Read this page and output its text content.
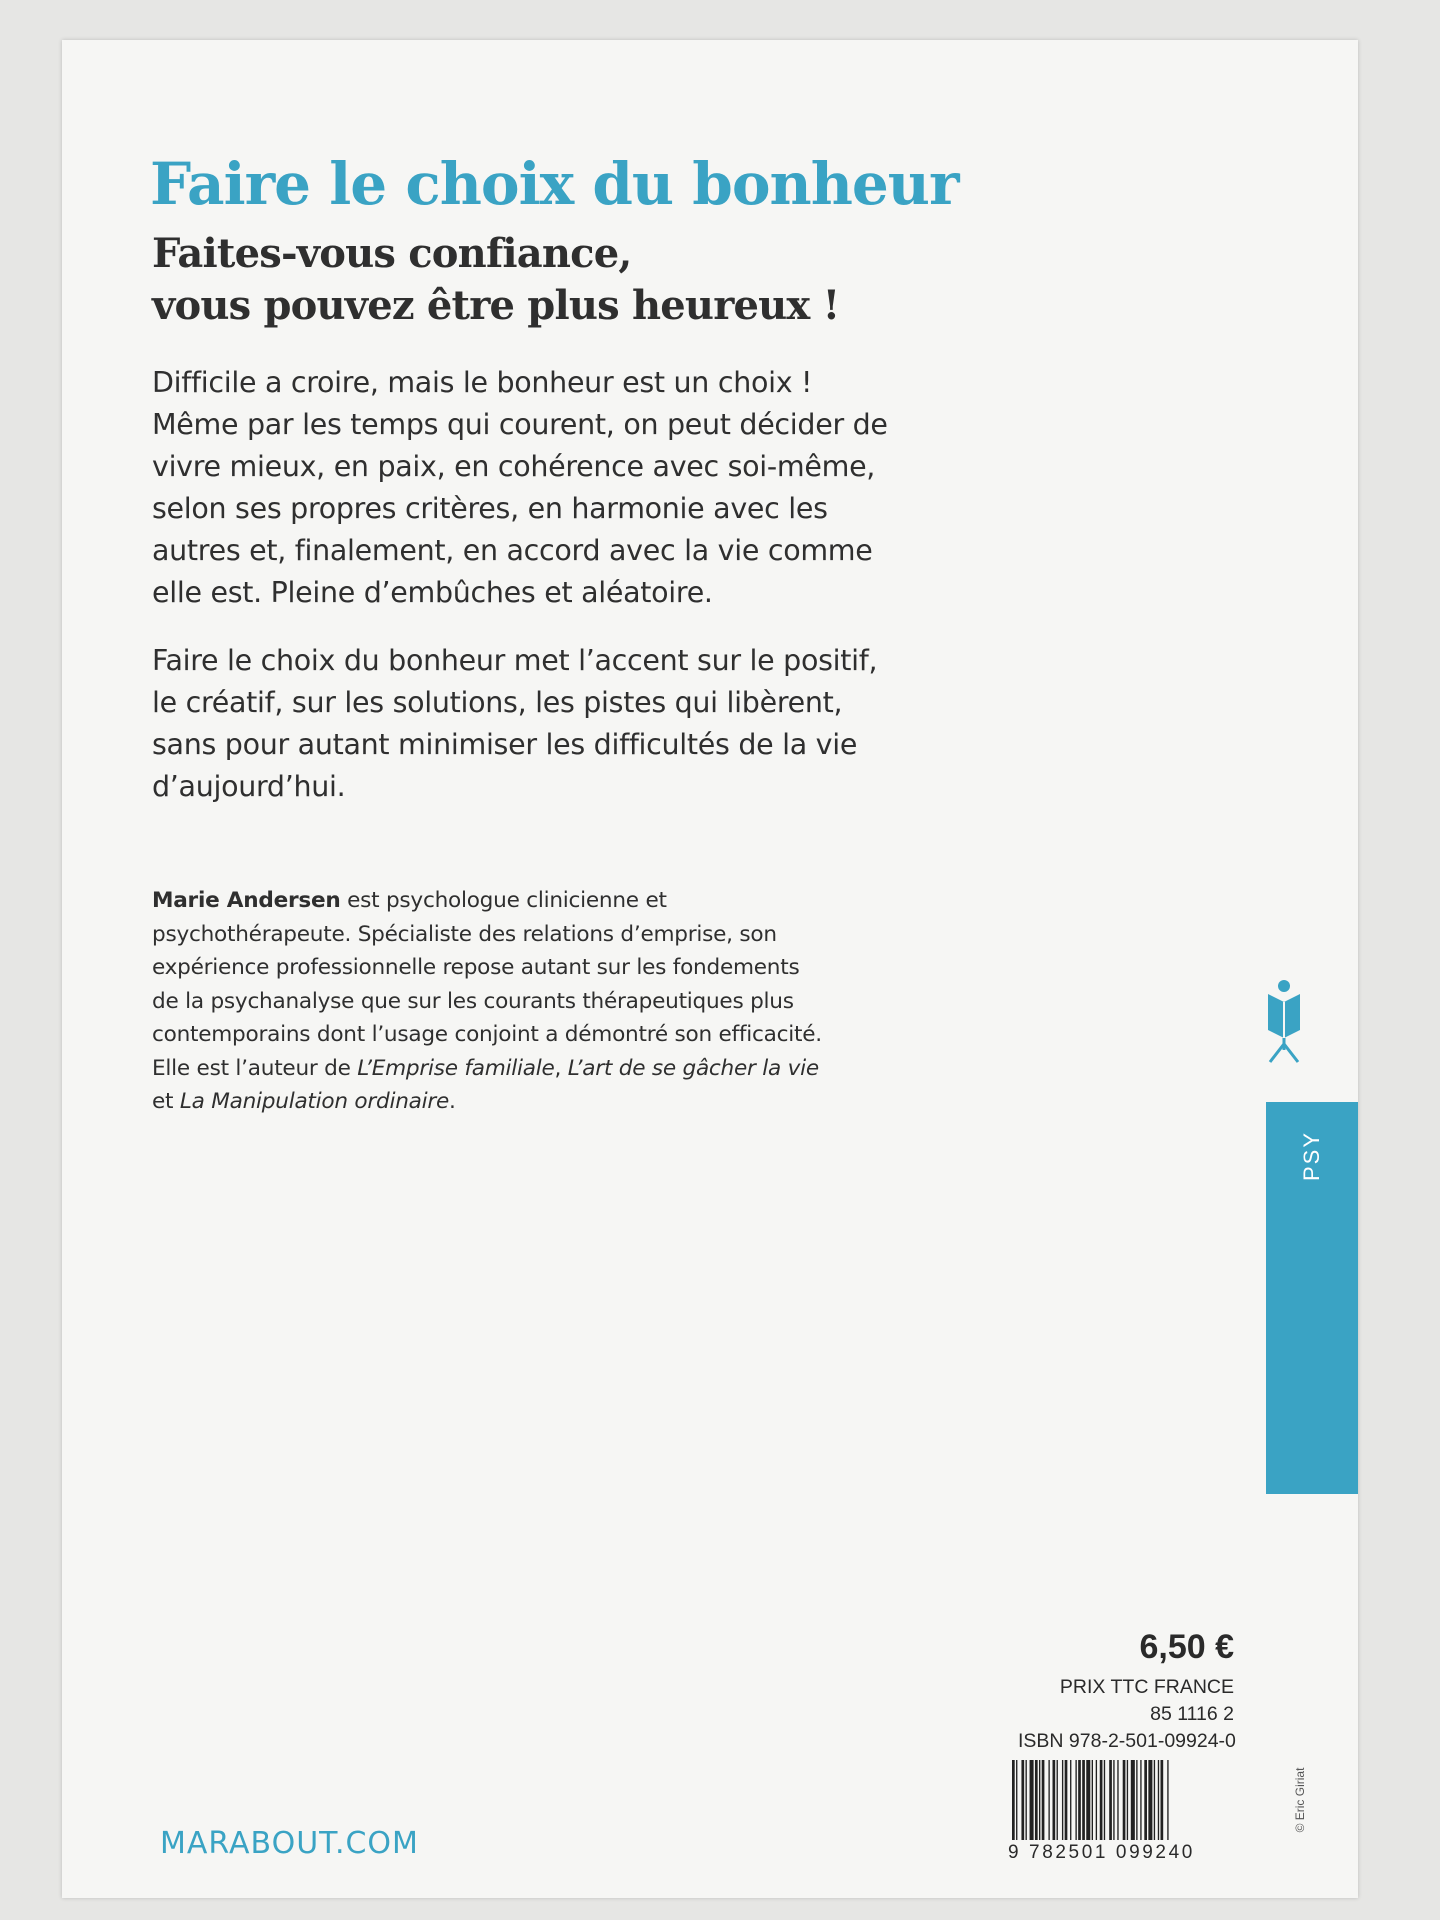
Faire le choix du bonheur
Faites-vous confiance,
vous pouvez être plus heureux !

Difficile a croire, mais le bonheur est un choix !
Même par les temps qui courent, on peut décider de
vivre mieux, en paix, en cohérence avec soi-même,
selon ses propres critères, en harmonie avec les
autres et, finalement, en accord avec la vie comme
elle est. Pleine d’embûches et aléatoire.

Faire le choix du bonheur met l’accent sur le positif,
le créatif, sur les solutions, les pistes qui libèrent,
sans pour autant minimiser les difficultés de la vie
d’aujourd’hui.

Marie Andersen est psychologue clinicienne et
psychothérapeute. Spécialiste des relations d’emprise, son
expérience professionnelle repose autant sur les fondements
de la psychanalyse que sur les courants thérapeutiques plus
contemporains dont l’usage conjoint a démontré son efficacité.
Elle est l’auteur de L’Emprise familiale, L’art de se gâcher la vie
et La Manipulation ordinaire.

PSY
6,50 €
PRIX TTC FRANCE
85 1116 2
ISBN 978-2-501-09924-0
9 782501 099240
© Eric Giriat
MARABOUT.COM
